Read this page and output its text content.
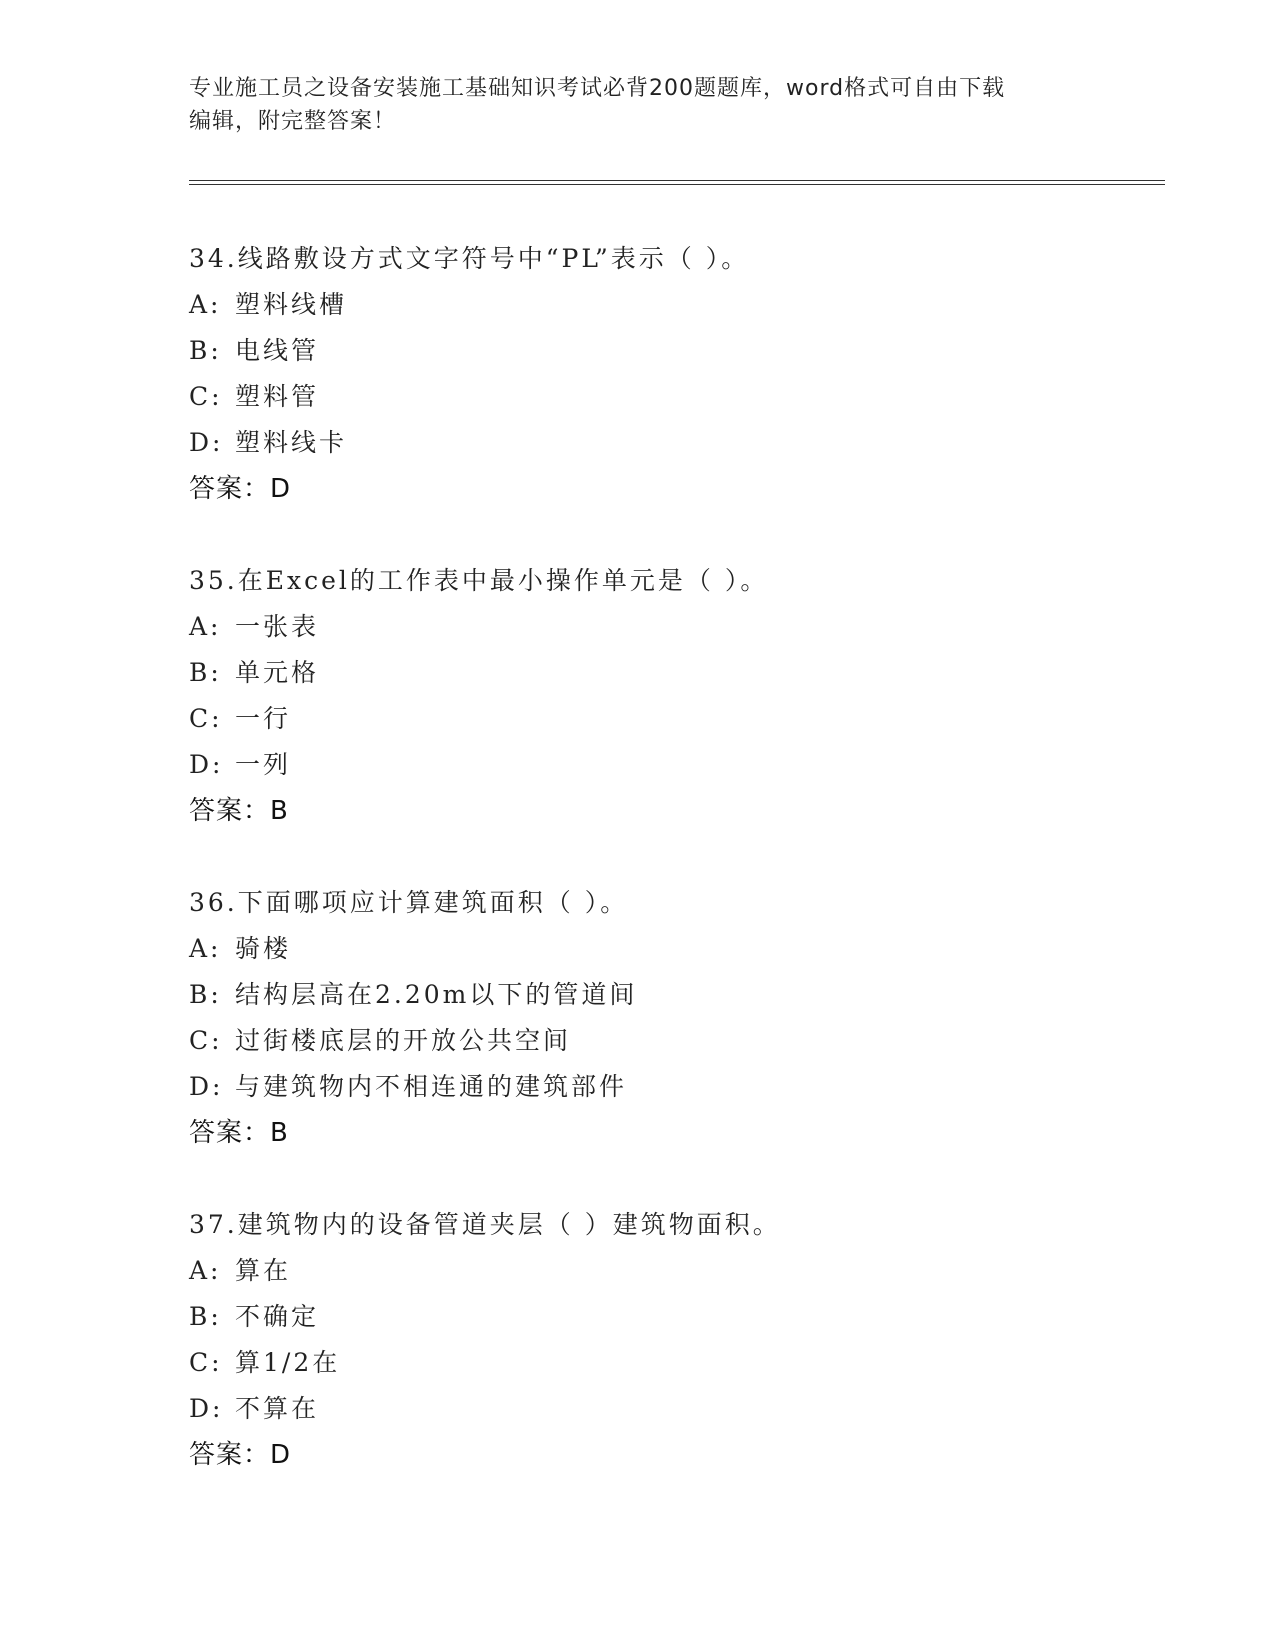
专业施工员之设备安装施工基础知识考试必背200题题库，word格式可自由下载
编辑，附完整答案！
34.线路敷设方式文字符号中“PL”表示（ ）。
A: 塑料线槽
B: 电线管
C: 塑料管
D: 塑料线卡
答案：D
35.在Excel的工作表中最小操作单元是（ ）。
A: 一张表
B: 单元格
C: 一行
D: 一列
答案：B
36.下面哪项应计算建筑面积（ ）。
A: 骑楼
B: 结构层高在2.20m以下的管道间
C: 过街楼底层的开放公共空间
D: 与建筑物内不相连通的建筑部件
答案：B
37.建筑物内的设备管道夹层（ ）建筑物面积。
A: 算在
B: 不确定
C: 算1/2在
D: 不算在
答案：D
